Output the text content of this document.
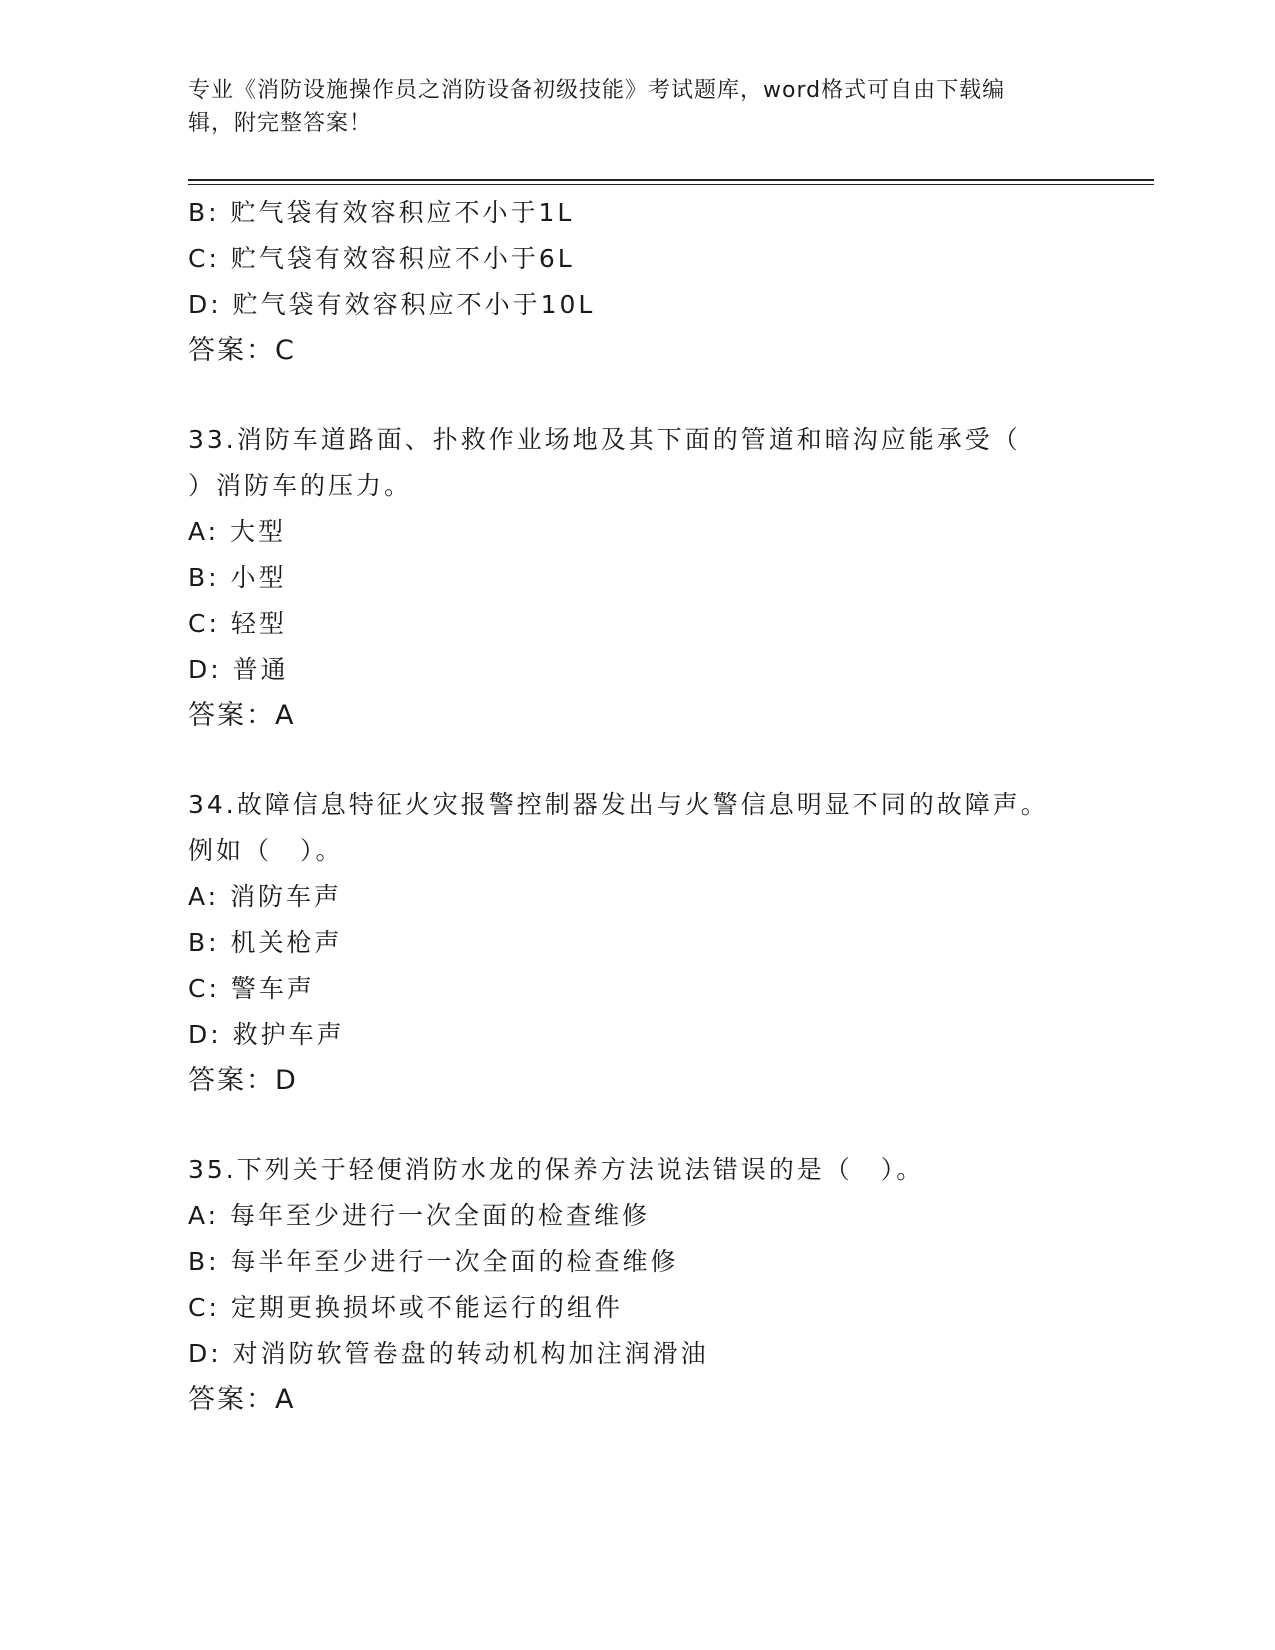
专业《消防设施操作员之消防设备初级技能》考试题库，word格式可自由下载编
辑，附完整答案！
B: 贮气袋有效容积应不小于1L
C: 贮气袋有效容积应不小于6L
D: 贮气袋有效容积应不小于10L
答案：C
33.消防车道路面、扑救作业场地及其下面的管道和暗沟应能承受（
）消防车的压力。
A: 大型
B: 小型
C: 轻型
D: 普通
答案：A
34.故障信息特征火灾报警控制器发出与火警信息明显不同的故障声。
例如（　）。
A: 消防车声
B: 机关枪声
C: 警车声
D: 救护车声
答案：D
35.下列关于轻便消防水龙的保养方法说法错误的是（　）。
A: 每年至少进行一次全面的检查维修
B: 每半年至少进行一次全面的检查维修
C: 定期更换损坏或不能运行的组件
D: 对消防软管卷盘的转动机构加注润滑油
答案：A
